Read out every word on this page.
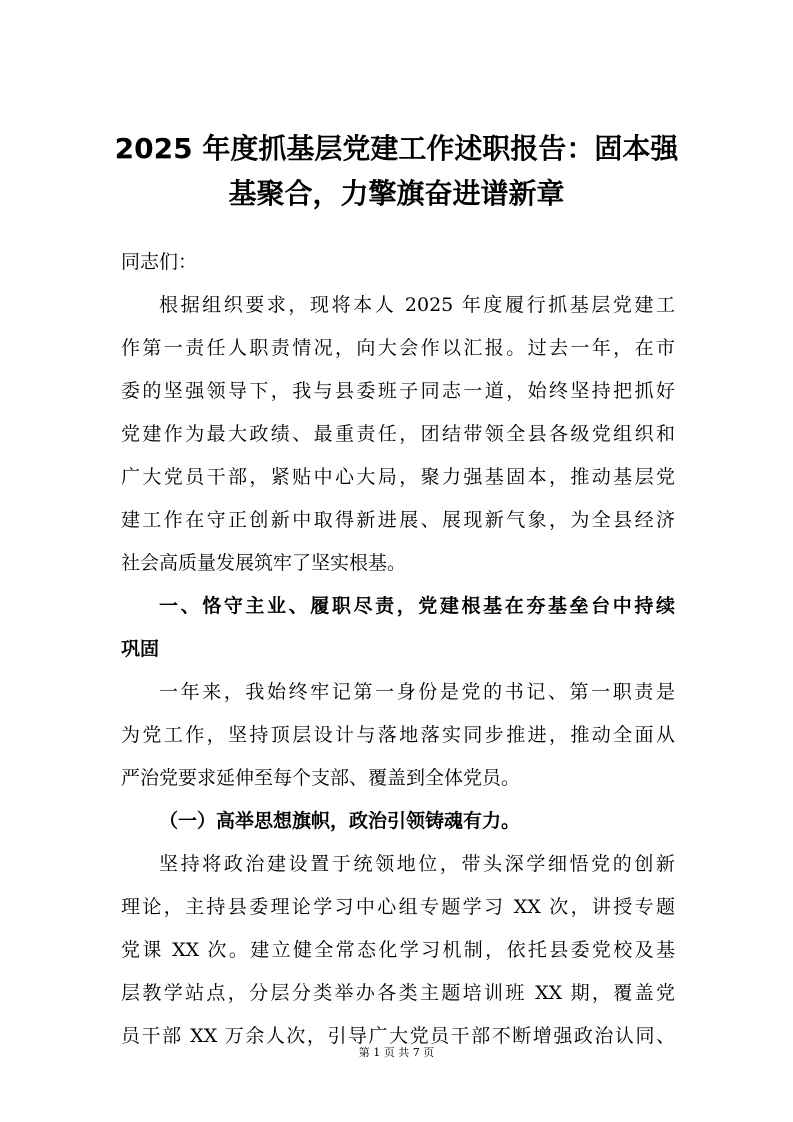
2025 年度抓基层党建工作述职报告：固本强
基聚合，力擎旗奋进谱新章
同志们：
根据组织要求，现将本人 2025 年度履行抓基层党建工
作第一责任人职责情况，向大会作以汇报。过去一年，在市
委的坚强领导下，我与县委班子同志一道，始终坚持把抓好
党建作为最大政绩、最重责任，团结带领全县各级党组织和
广大党员干部，紧贴中心大局，聚力强基固本，推动基层党
建工作在守正创新中取得新进展、展现新气象，为全县经济
社会高质量发展筑牢了坚实根基。
一、恪守主业、履职尽责，党建根基在夯基垒台中持续
巩固
一年来，我始终牢记第一身份是党的书记、第一职责是
为党工作，坚持顶层设计与落地落实同步推进，推动全面从
严治党要求延伸至每个支部、覆盖到全体党员。
（一）高举思想旗帜，政治引领铸魂有力。
坚持将政治建设置于统领地位，带头深学细悟党的创新
理论，主持县委理论学习中心组专题学习 XX 次，讲授专题
党课 XX 次。建立健全常态化学习机制，依托县委党校及基
层教学站点，分层分类举办各类主题培训班 XX 期，覆盖党
员干部 XX 万余人次，引导广大党员干部不断增强政治认同、
第 1 页 共 7 页
